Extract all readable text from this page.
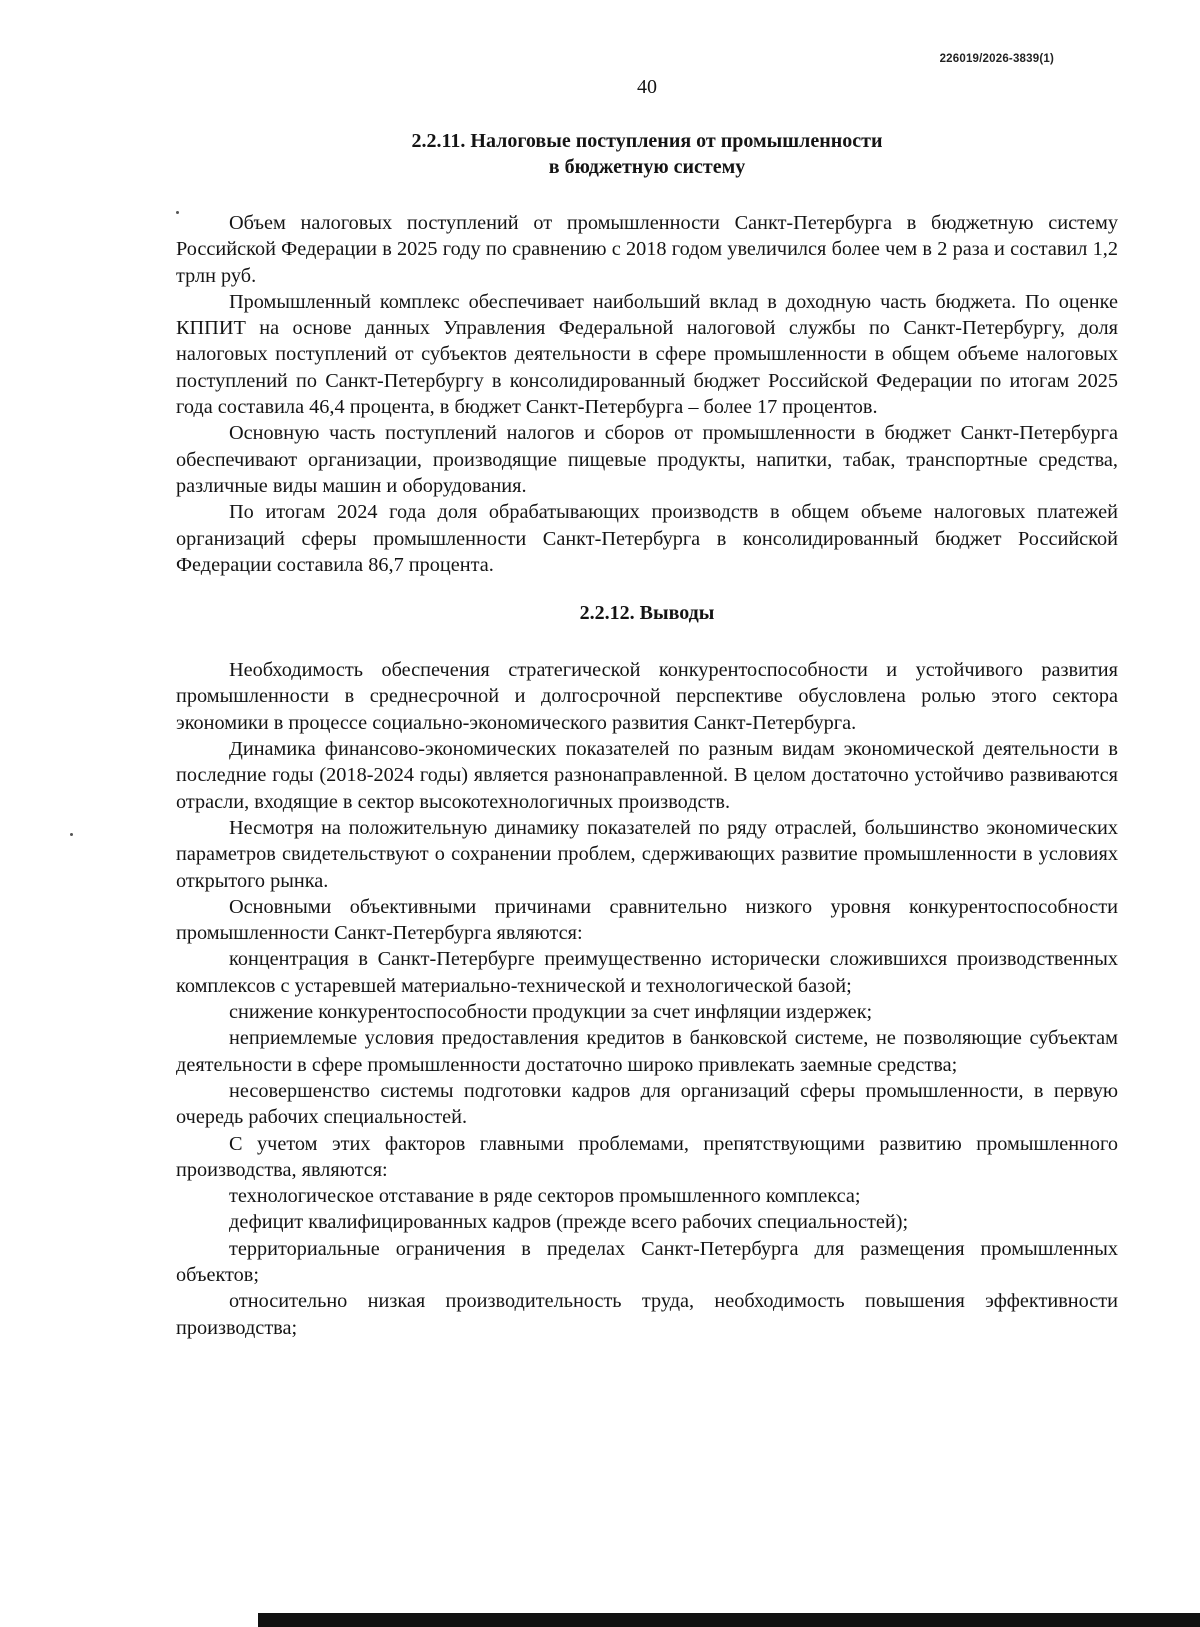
226019/2026-3839(1)
40
2.2.11. Налоговые поступления от промышленности
в бюджетную систему

Объем налоговых поступлений от промышленности Санкт-Петербурга в бюджетную систему Российской Федерации в 2025 году по сравнению с 2018 годом увеличился более чем в 2 раза и составил 1,2 трлн руб.

Промышленный комплекс обеспечивает наибольший вклад в доходную часть бюджета. По оценке КППИТ на основе данных Управления Федеральной налоговой службы по Санкт-Петербургу, доля налоговых поступлений от субъектов деятельности в сфере промышленности в общем объеме налоговых поступлений по Санкт-Петербургу в консолидированный бюджет Российской Федерации по итогам 2025 года составила 46,4 процента, в бюджет Санкт-Петербурга – более 17 процентов.

Основную часть поступлений налогов и сборов от промышленности в бюджет Санкт-Петербурга обеспечивают организации, производящие пищевые продукты, напитки, табак, транспортные средства, различные виды машин и оборудования.

По итогам 2024 года доля обрабатывающих производств в общем объеме налоговых платежей организаций сферы промышленности Санкт-Петербурга в консолидированный бюджет Российской Федерации составила 86,7 процента.

2.2.12. Выводы

Необходимость обеспечения стратегической конкурентоспособности и устойчивого развития промышленности в среднесрочной и долгосрочной перспективе обусловлена ролью этого сектора экономики в процессе социально-экономического развития Санкт-Петербурга.

Динамика финансово-экономических показателей по разным видам экономической деятельности в последние годы (2018-2024 годы) является разнонаправленной. В целом достаточно устойчиво развиваются отрасли, входящие в сектор высокотехнологичных производств.

Несмотря на положительную динамику показателей по ряду отраслей, большинство экономических параметров свидетельствуют о сохранении проблем, сдерживающих развитие промышленности в условиях открытого рынка.

Основными объективными причинами сравнительно низкого уровня конкурентоспособности промышленности Санкт-Петербурга являются:

концентрация в Санкт-Петербурге преимущественно исторически сложившихся производственных комплексов с устаревшей материально-технической и технологической базой;

снижение конкурентоспособности продукции за счет инфляции издержек;

неприемлемые условия предоставления кредитов в банковской системе, не позволяющие субъектам деятельности в сфере промышленности достаточно широко привлекать заемные средства;

несовершенство системы подготовки кадров для организаций сферы промышленности, в первую очередь рабочих специальностей.

С учетом этих факторов главными проблемами, препятствующими развитию промышленного производства, являются:

технологическое отставание в ряде секторов промышленного комплекса;

дефицит квалифицированных кадров (прежде всего рабочих специальностей);

территориальные ограничения в пределах Санкт-Петербурга для размещения промышленных объектов;

относительно низкая производительность труда, необходимость повышения эффективности производства;
